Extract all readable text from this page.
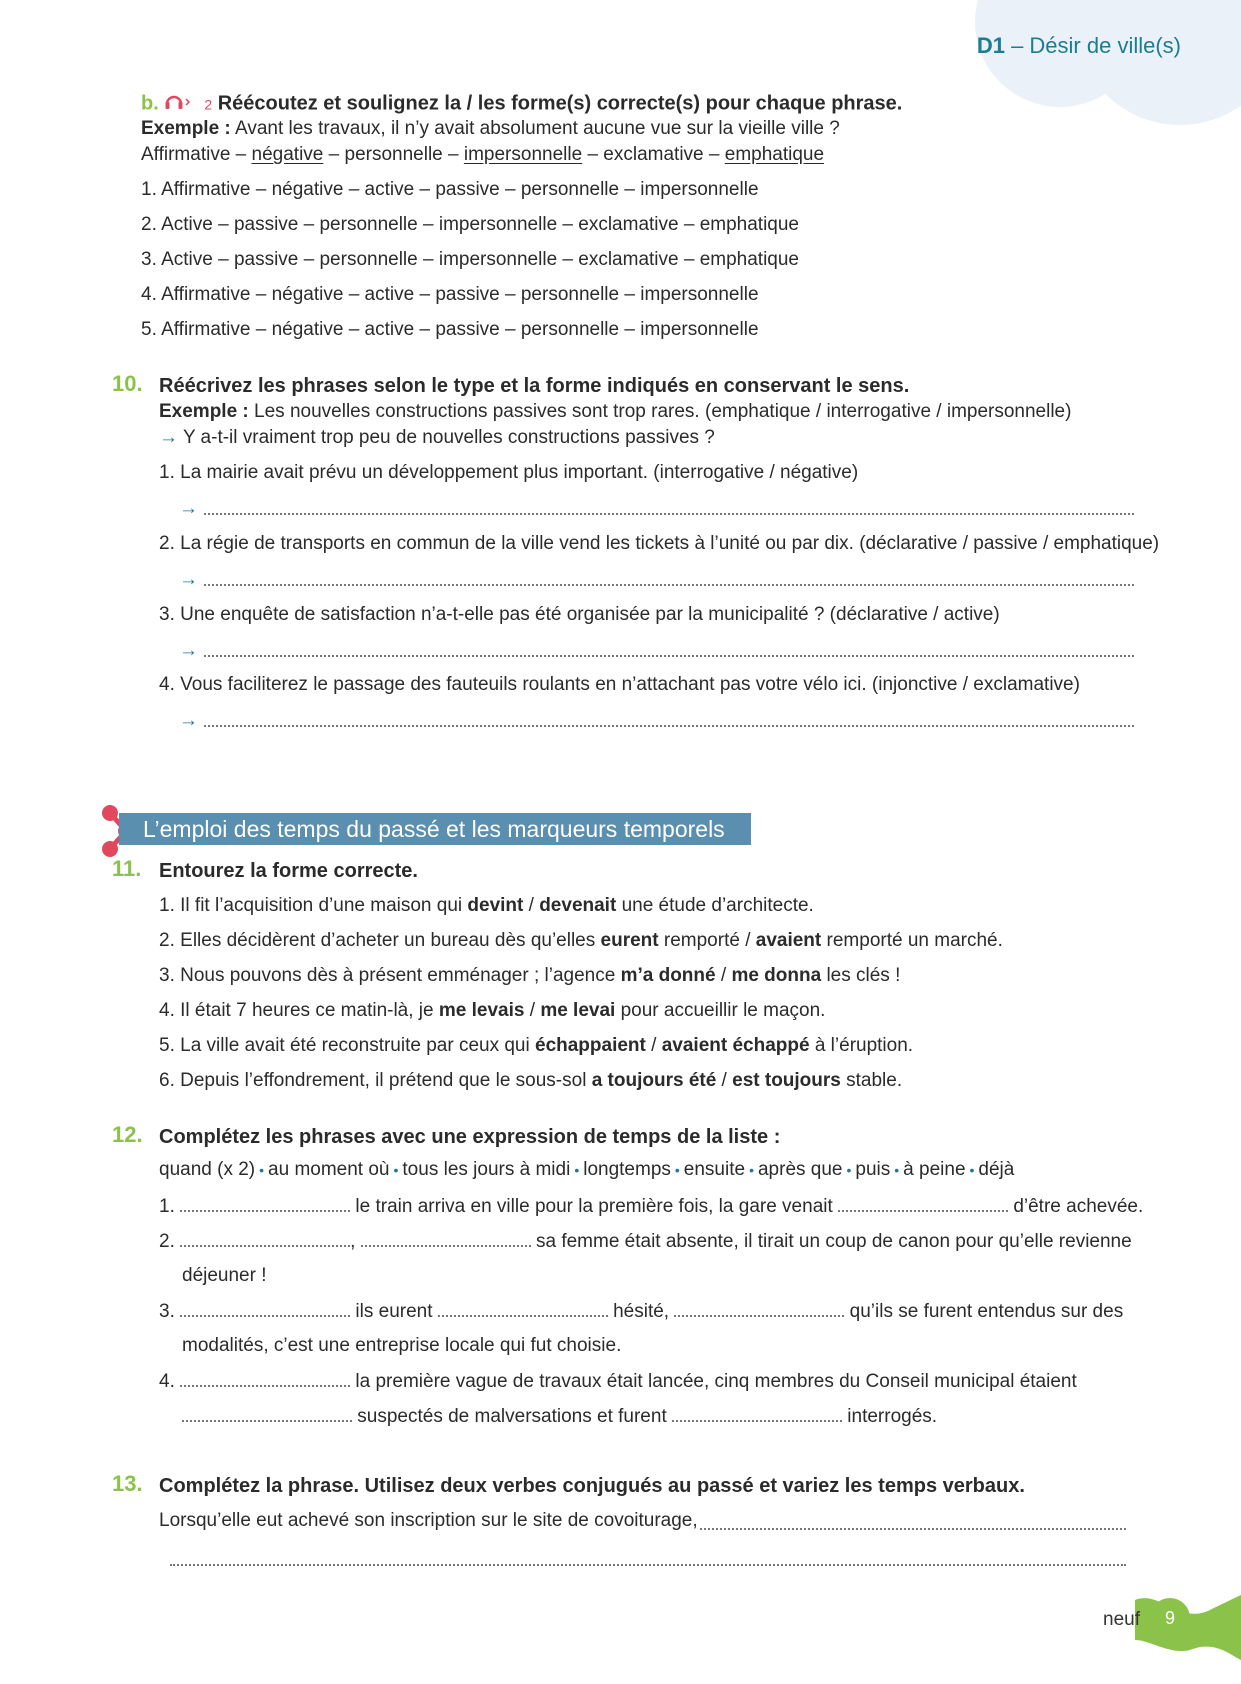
D1 – Désir de ville(s)
b.	2 Réécoutez et soulignez la / les forme(s) correcte(s) pour chaque phrase.
Exemple : Avant les travaux, il n’y avait absolument aucune vue sur la vieille ville ?
Affirmative – négative – personnelle – impersonnelle – exclamative – emphatique
1. Affirmative – négative – active – passive – personnelle – impersonnelle
2. Active – passive – personnelle – impersonnelle – exclamative – emphatique
3. Active – passive – personnelle – impersonnelle – exclamative – emphatique
4. Affirmative – négative – active – passive – personnelle – impersonnelle
5. Affirmative – négative – active – passive – personnelle – impersonnelle
10. Réécrivez les phrases selon le type et la forme indiqués en conservant le sens.
Exemple : Les nouvelles constructions passives sont trop rares. (emphatique / interrogative / impersonnelle)
→ Y a-t-il vraiment trop peu de nouvelles constructions passives ?
1. La mairie avait prévu un développement plus important. (interrogative / négative)
→
2. La régie de transports en commun de la ville vend les tickets à l’unité ou par dix. (déclarative / passive / emphatique)
→
3. Une enquête de satisfaction n’a-t-elle pas été organisée par la municipalité ? (déclarative / active)
→
4. Vous faciliterez le passage des fauteuils roulants en n’attachant pas votre vélo ici. (injonctive / exclamative)
→
L’emploi des temps du passé et les marqueurs temporels
11. Entourez la forme correcte.
1. Il fit l’acquisition d’une maison qui devint / devenait une étude d’architecte.
2. Elles décidèrent d’acheter un bureau dès qu’elles eurent remporté / avaient remporté un marché.
3. Nous pouvons dès à présent emménager ; l’agence m’a donné / me donna les clés !
4. Il était 7 heures ce matin-là, je me levais / me levai pour accueillir le maçon.
5. La ville avait été reconstruite par ceux qui échappaient / avaient échappé à l’éruption.
6. Depuis l’effondrement, il prétend que le sous-sol a toujours été / est toujours stable.
12. Complétez les phrases avec une expression de temps de la liste :
quand (x 2) • au moment où • tous les jours à midi • longtemps • ensuite • après que • puis • à peine • déjà
1.	le train arriva en ville pour la première fois, la gare venait	d’être achevée.
2.	,	sa femme était absente, il tirait un coup de canon pour qu’elle revienne
déjeuner !
3.	ils eurent	hésité,	qu’ils se furent entendus sur des
modalités, c’est une entreprise locale qui fut choisie.
4.	la première vague de travaux était lancée, cinq membres du Conseil municipal étaient
suspectés de malversations et furent	interrogés.
13. Complétez la phrase. Utilisez deux verbes conjugués au passé et variez les temps verbaux.
Lorsqu’elle eut achevé son inscription sur le site de covoiturage,
neuf	9
